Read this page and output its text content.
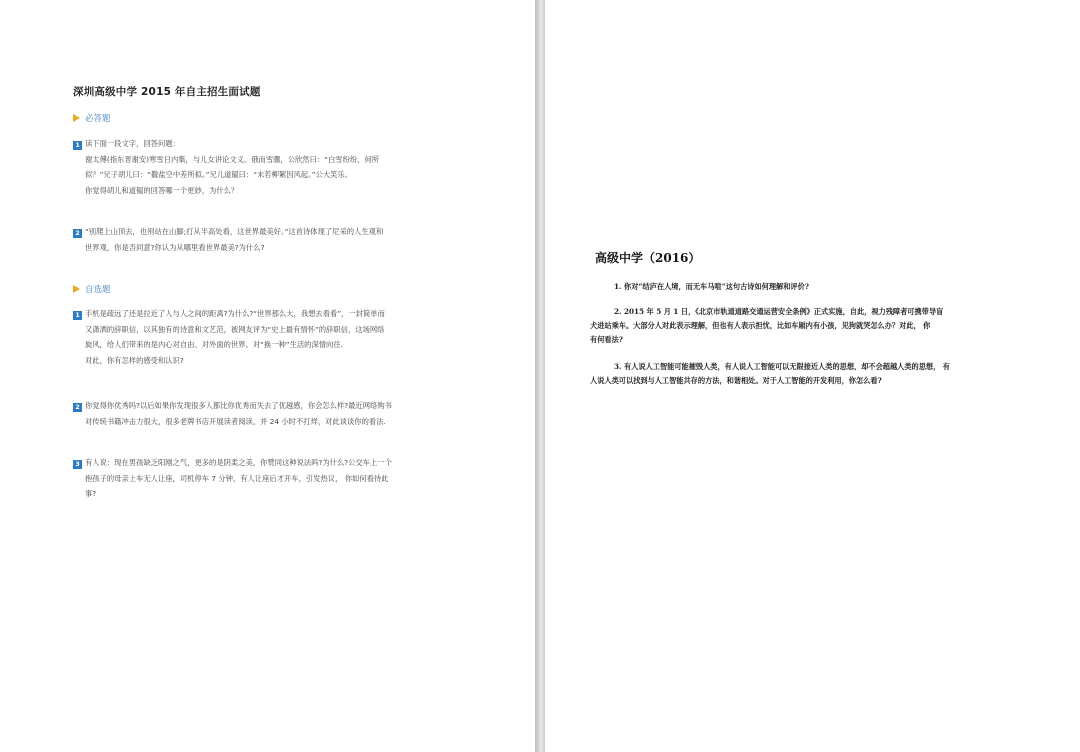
深圳高级中学 2015 年自主招生面试题
必答题
1 读下面一段文字，回答问题：
谢太傅(指东晋谢安)寒雪日内集，与儿女讲论文义。俄而雪骤，公欣然曰：“白雪纷纷，何所
似？”兄子胡儿曰：“撒盐空中差所拟。”兄儿道韫曰：“未若柳絮因风起。”公大笑乐。
你觉得胡儿和道韫的回答哪一个更妙，为什么？
2 “别爬上山顶去，也别站在山脚;打从半高处看，这世界最美好。”这首诗体现了尼采的人生观和
世界观，你是否同意?你认为从哪里看世界最美?为什么?
自选题
1 手机是疏远了还是拉近了人与人之间的距离?为什么?“世界那么大，我想去看看”，一封简单而
又潇洒的辞职信，以其独有的诗意和文艺范，被网友评为“史上最有情怀”的辞职信，这场网络
旋风，给人们带来的是内心对自由、对外面的世界、对“换一种”生活的深情向往.
对此，你有怎样的感受和认识?
2 你觉得你优秀吗?以后如果你发现很多人都比你优秀而失去了优越感，你会怎么样?最近网络购书
对传统书籍冲击力很大，很多老牌书店开展读者阅读，并 24 小时不打烊，对此谈谈你的看法.
3 有人说：现在男孩缺乏阳刚之气，更多的是阴柔之美，你赞同这种说法吗?为什么?公交车上一个
抱孩子的母亲上车无人让座，司机停车 7 分钟，有人让座后才开车，引发热议， 你如何看待此
事?
高级中学（2016）
1. 你对“结庐在人境，而无车马喧”这句古诗如何理解和评价?
2. 2015 年 5 月 1 日，《北京市轨道道路交通运营安全条例》正式实施，自此，视力残障者可携带导盲
犬进站乘车。大部分人对此表示理解，但也有人表示担忧，比如车厢内有小孩，见狗就哭怎么办？对此， 你
有何看法?
3. 有人说人工智能可能摧毁人类，有人说人工智能可以无限接近人类的思想，却不会超越人类的思想， 有
人说人类可以找到与人工智能共存的方法，和谐相处。对于人工智能的开发利用，你怎么看?
